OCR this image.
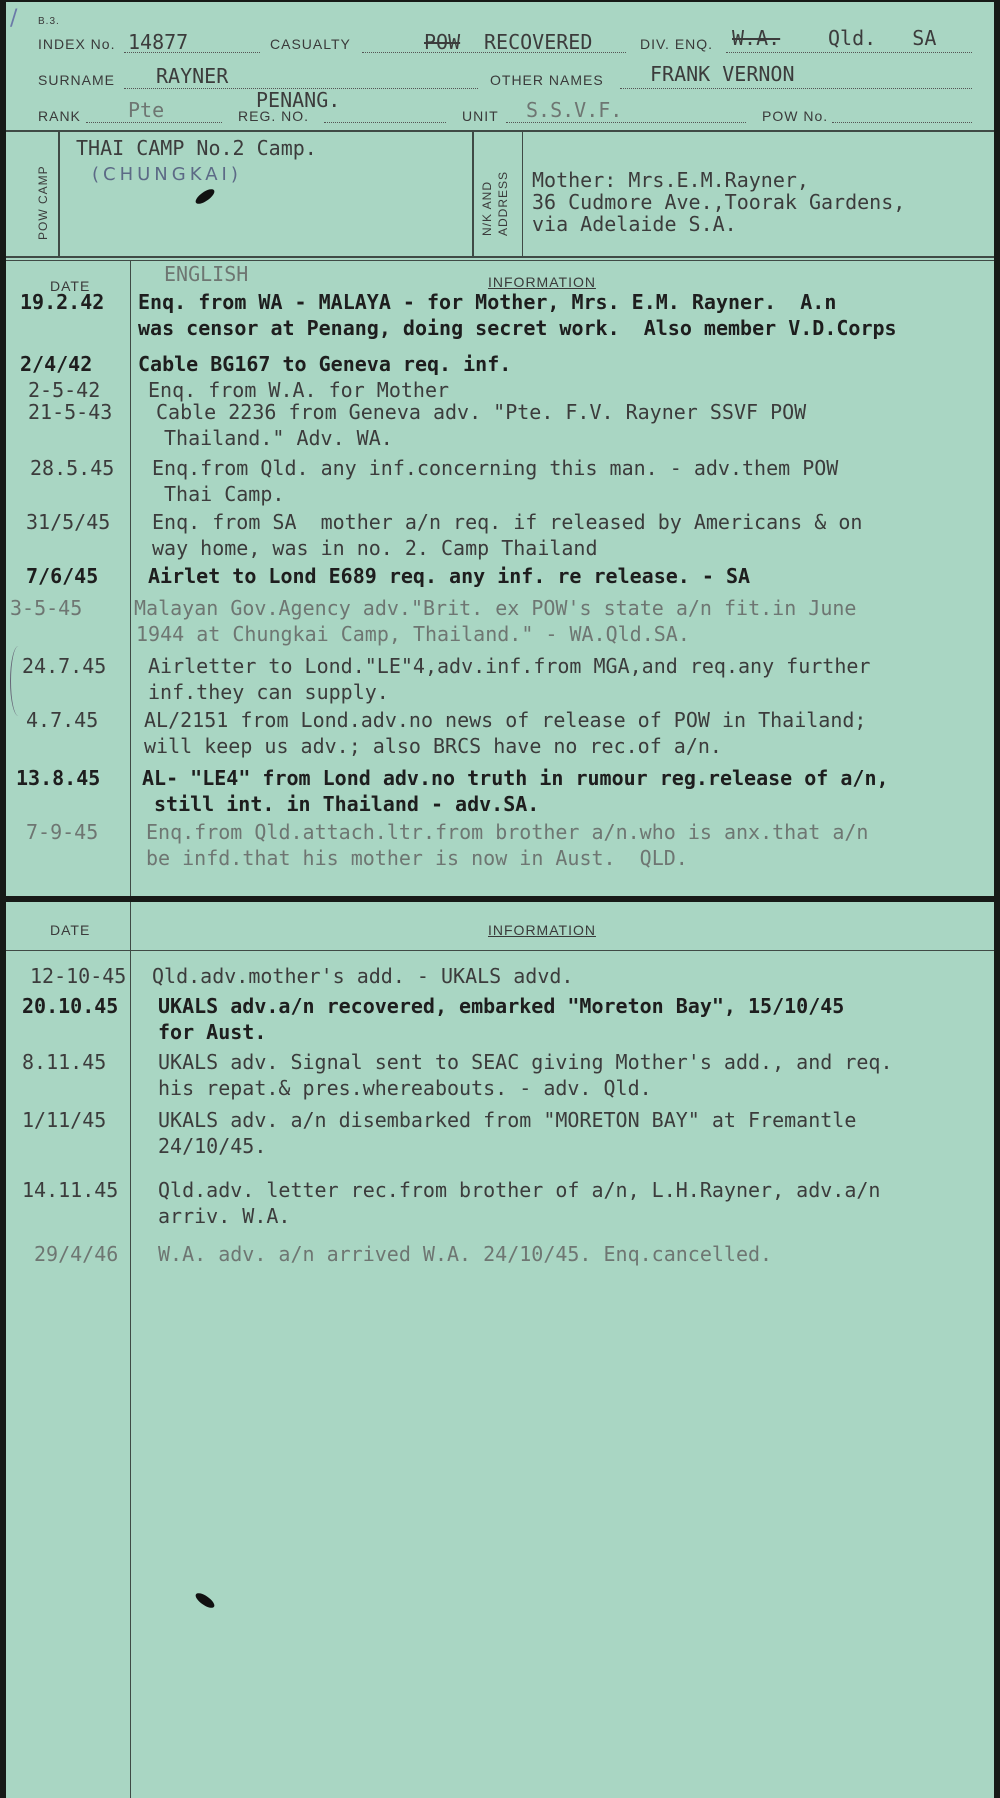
B.3.
/
INDEX No. 14877	CASUALTY	POW RECOVERED	DIV. ENQ. W.A. Qld.   SA
SURNAME RAYNER	OTHER NAMES FRANK VERNON
RANK Pte	PENANG.
REG. NO.	UNIT S.S.V.F.	POW No.
POW CAMP
THAI CAMP No.2 Camp.
(CHUNGKAI)
N/K AND ADDRESS Mother: Mrs.E.M.Rayner,
36 Cudmore Ave.,Toorak Gardens,
via Adelaide S.A.
DATE	INFORMATION
ENGLISH
19.2.42 Enq. from WA - MALAYA - for Mother, Mrs. E.M. Rayner.  A.n
was censor at Penang, doing secret work.  Also member V.D.Corps
2/4/42 Cable BG167 to Geneva req. inf.
2-5-42 Enq. from W.A. for Mother
21-5-43 Cable 2236 from Geneva adv. "Pte. F.V. Rayner SSVF POW
Thailand." Adv. WA.
28.5.45 Enq.from Qld. any inf.concerning this man. - adv.them POW
Thai Camp.
31/5/45 Enq. from SA  mother a/n req. if released by Americans & on
way home, was in no. 2. Camp Thailand
7/6/45 Airlet to Lond E689 req. any inf. re release. - SA
3-5-45	Malayan Gov.Agency adv."Brit. ex POW's state a/n fit.in June
1944 at Chungkai Camp, Thailand." - WA.Qld.SA.
24.7.45 Airletter to Lond."LE"4,adv.inf.from MGA,and req.any further
inf.they can supply.
4.7.45 AL/2151 from Lond.adv.no news of release of POW in Thailand;
will keep us adv.; also BRCS have no rec.of a/n.
13.8.45 AL- "LE4" from Lond adv.no truth in rumour reg.release of a/n,
still int. in Thailand - adv.SA.
7-9-45 Enq.from Qld.attach.ltr.from brother a/n.who is anx.that a/n
be infd.that his mother is now in Aust.  QLD.
DATE	INFORMATION
12-10-45 Qld.adv.mother's add. - UKALS advd.
20.10.45 UKALS adv.a/n recovered, embarked "Moreton Bay", 15/10/45
for Aust.
8.11.45	UKALS adv. Signal sent to SEAC giving Mother's add., and req.
his repat.& pres.whereabouts. - adv. Qld.
1/11/45	UKALS adv. a/n disembarked from "MORETON BAY" at Fremantle
24/10/45.
14.11.45 Qld.adv. letter rec.from brother of a/n, L.H.Rayner, adv.a/n
arriv. W.A.
29/4/46 W.A. adv. a/n arrived W.A. 24/10/45. Enq.cancelled.
